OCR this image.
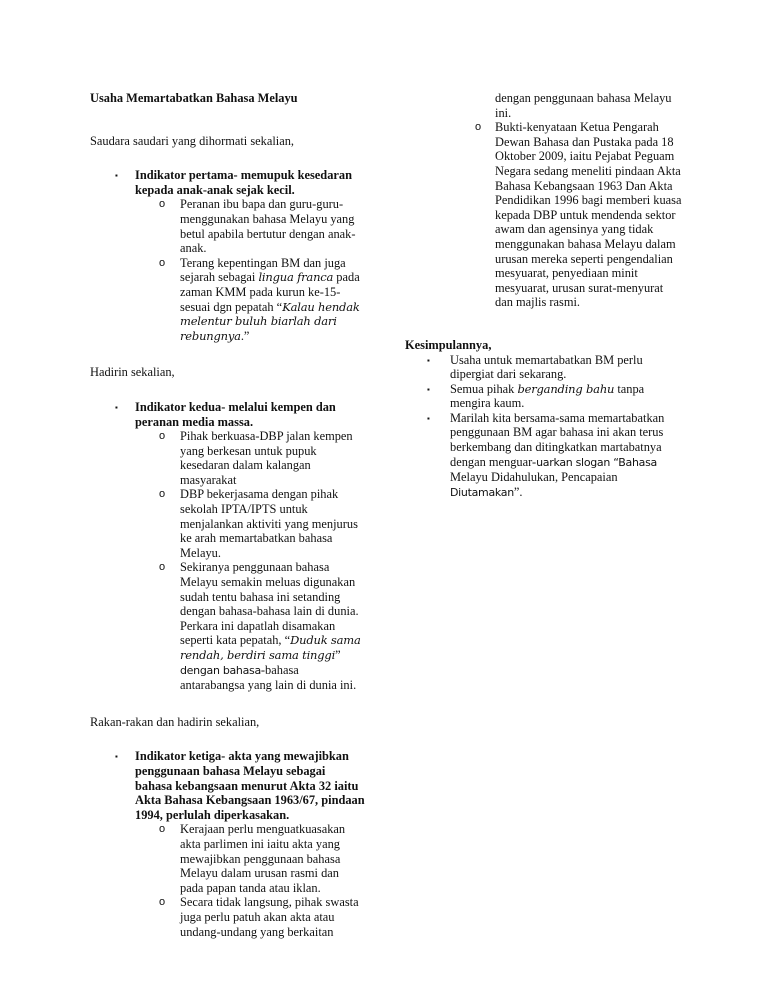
Usaha Memartabatkan Bahasa Melayu

Saudara saudari yang dihormati sekalian,

▪ Indikator pertama- memupuk kesedaran kepada anak-anak sejak kecil.
o Peranan ibu bapa dan guru-guru-menggunakan bahasa Melayu yang betul apabila bertutur dengan anak-anak.
o Terang kepentingan BM dan juga sejarah sebagai lingua franca pada zaman KMM pada kurun ke-15-sesuai dgn pepatah “Kalau hendak melentur buluh biarlah dari rebungnya.”

Hadirin sekalian,

▪ Indikator kedua- melalui kempen dan peranan media massa.
o Pihak berkuasa-DBP jalan kempen yang berkesan untuk pupuk kesedaran dalam kalangan masyarakat
o DBP bekerjasama dengan pihak sekolah IPTA/IPTS untuk menjalankan aktiviti yang menjurus ke arah memartabatkan bahasa Melayu.
o Sekiranya penggunaan bahasa Melayu semakin meluas digunakan sudah tentu bahasa ini setanding dengan bahasa-bahasa lain di dunia. Perkara ini dapatlah disamakan seperti kata pepatah, “Duduk sama rendah, berdiri sama tinggi” dengan bahasa-bahasa antarabangsa yang lain di dunia ini.

Rakan-rakan dan hadirin sekalian,

▪ Indikator ketiga- akta yang mewajibkan penggunaan bahasa Melayu sebagai bahasa kebangsaan menurut Akta 32 iaitu Akta Bahasa Kebangsaan 1963/67, pindaan 1994, perlulah diperkasakan.
o Kerajaan perlu menguatkuasakan akta parlimen ini iaitu akta yang mewajibkan penggunaan bahasa Melayu dalam urusan rasmi dan pada papan tanda atau iklan.
o Secara tidak langsung, pihak swasta juga perlu patuh akan akta atau undang-undang yang berkaitan

dengan penggunaan bahasa Melayu ini.

o Bukti-kenyataan Ketua Pengarah Dewan Bahasa dan Pustaka pada 18 Oktober 2009, iaitu Pejabat Peguam Negara sedang meneliti pindaan Akta Bahasa Kebangsaan 1963 Dan Akta Pendidikan 1996 bagi memberi kuasa kepada DBP untuk mendenda sektor awam dan agensinya yang tidak menggunakan bahasa Melayu dalam urusan mereka seperti pengendalian mesyuarat, penyediaan minit mesyuarat, urusan surat-menyurat dan majlis rasmi.

Kesimpulannya,

▪ Usaha untuk memartabatkan BM perlu dipergiat dari sekarang.
▪ Semua pihak berganding bahu tanpa mengira kaum.
▪ Marilah kita bersama-sama memartabatkan penggunaan BM agar bahasa ini akan terus berkembang dan ditingkatkan martabatnya dengan menguar-uarkan slogan “Bahasa Melayu Didahulukan, Pencapaian Diutamakan”.
